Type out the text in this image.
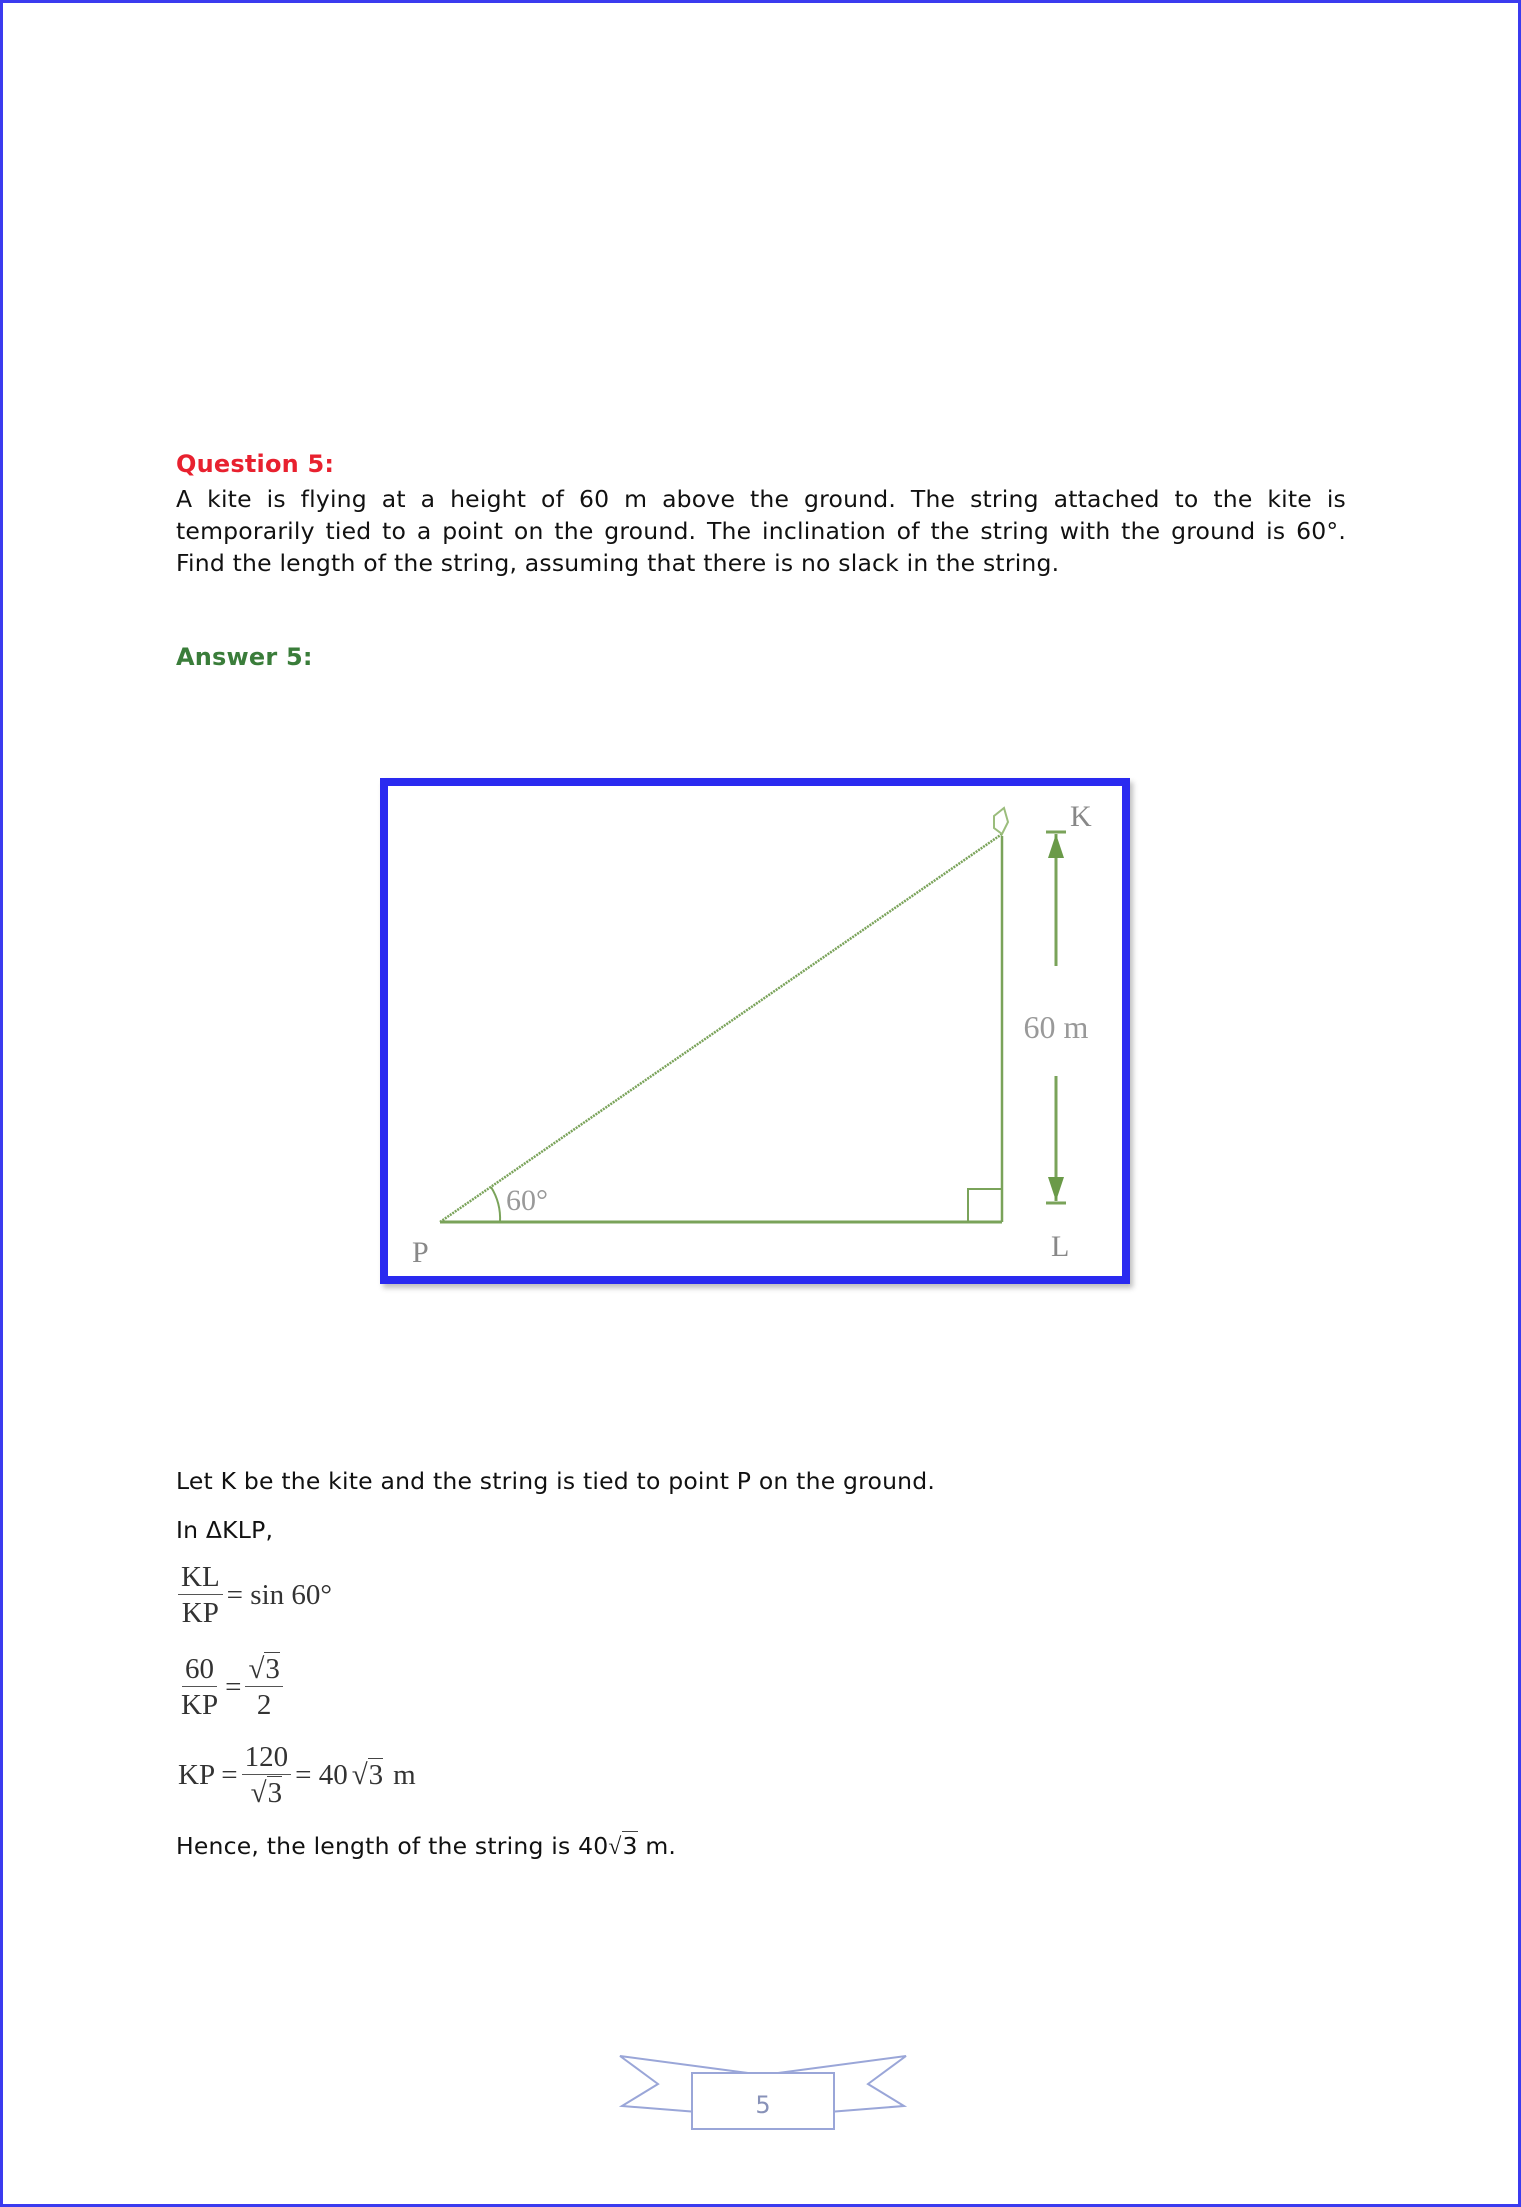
Question 5:
A kite is flying at a height of 60 m above the ground. The string attached to the kite is temporarily tied to a point on the ground. The inclination of the string with the ground is 60°. Find the length of the string, assuming that there is no slack in the string.
Answer 5:
K
L
P
60°
60 m
Let K be the kite and the string is tied to point P on the ground.
In ΔKLP,
$\frac{KL}{KP} = \sin 60^\circ$
$\frac{60}{KP} = \frac{√3}{2}$
KP = $\frac{120}{√3} = 40$ √3 m
Hence, the length of the string is 40√3 m.
5
